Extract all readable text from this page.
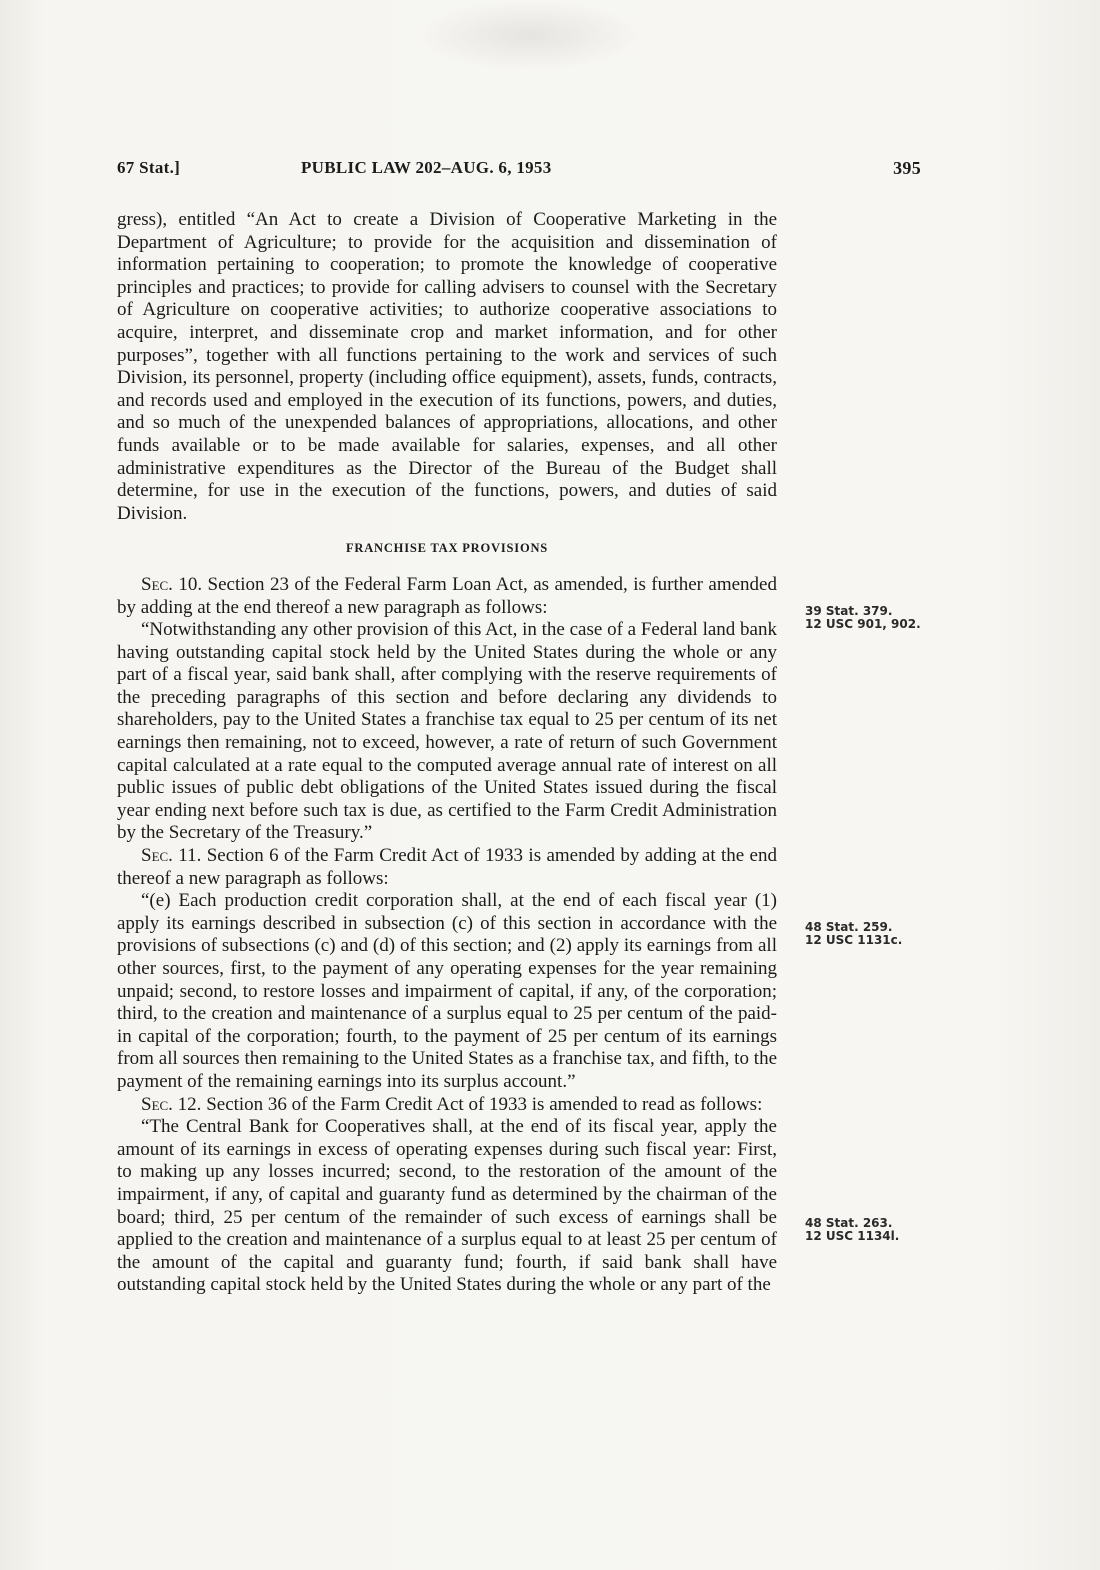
67 Stat.]	PUBLIC LAW 202–AUG. 6, 1953	395

gress), entitled “An Act to create a Division of Cooperative Marketing in the Department of Agriculture; to provide for the acquisition and dissemination of information pertaining to cooperation; to promote the knowledge of cooperative principles and practices; to provide for calling advisers to counsel with the Secretary of Agriculture on cooperative activities; to authorize cooperative associations to acquire, interpret, and disseminate crop and market information, and for other purposes”, together with all functions pertaining to the work and services of such Division, its personnel, property (including office equipment), assets, funds, contracts, and records used and employed in the execution of its functions, powers, and duties, and so much of the unexpended balances of appropriations, allocations, and other funds available or to be made available for salaries, expenses, and all other administrative expenditures as the Director of the Bureau of the Budget shall determine, for use in the execution of the functions, powers, and duties of said Division.

FRANCHISE TAX PROVISIONS

Sec. 10. Section 23 of the Federal Farm Loan Act, as amended, is further amended by adding at the end thereof a new paragraph as follows:

“Notwithstanding any other provision of this Act, in the case of a Federal land bank having outstanding capital stock held by the United States during the whole or any part of a fiscal year, said bank shall, after complying with the reserve requirements of the preceding paragraphs of this section and before declaring any dividends to shareholders, pay to the United States a franchise tax equal to 25 per centum of its net earnings then remaining, not to exceed, however, a rate of return of such Government capital calculated at a rate equal to the computed average annual rate of interest on all public issues of public debt obligations of the United States issued during the fiscal year ending next before such tax is due, as certified to the Farm Credit Administration by the Secretary of the Treasury.”

Sec. 11. Section 6 of the Farm Credit Act of 1933 is amended by adding at the end thereof a new paragraph as follows:

“(e) Each production credit corporation shall, at the end of each fiscal year (1) apply its earnings described in subsection (c) of this section in accordance with the provisions of subsections (c) and (d) of this section; and (2) apply its earnings from all other sources, first, to the payment of any operating expenses for the year remaining unpaid; second, to restore losses and impairment of capital, if any, of the corporation; third, to the creation and maintenance of a surplus equal to 25 per centum of the paid-in capital of the corporation; fourth, to the payment of 25 per centum of its earnings from all sources then remaining to the United States as a franchise tax, and fifth, to the payment of the remaining earnings into its surplus account.”

Sec. 12. Section 36 of the Farm Credit Act of 1933 is amended to read as follows:

“The Central Bank for Cooperatives shall, at the end of its fiscal year, apply the amount of its earnings in excess of operating expenses during such fiscal year: First, to making up any losses incurred; second, to the restoration of the amount of the impairment, if any, of capital and guaranty fund as determined by the chairman of the board; third, 25 per centum of the remainder of such excess of earnings shall be applied to the creation and maintenance of a surplus equal to at least 25 per centum of the amount of the capital and guaranty fund; fourth, if said bank shall have outstanding capital stock held by the United States during the whole or any part of the

39 Stat. 379.
12 USC 901, 902.
48 Stat. 259.
12 USC 1131c.
48 Stat. 263.
12 USC 1134l.
